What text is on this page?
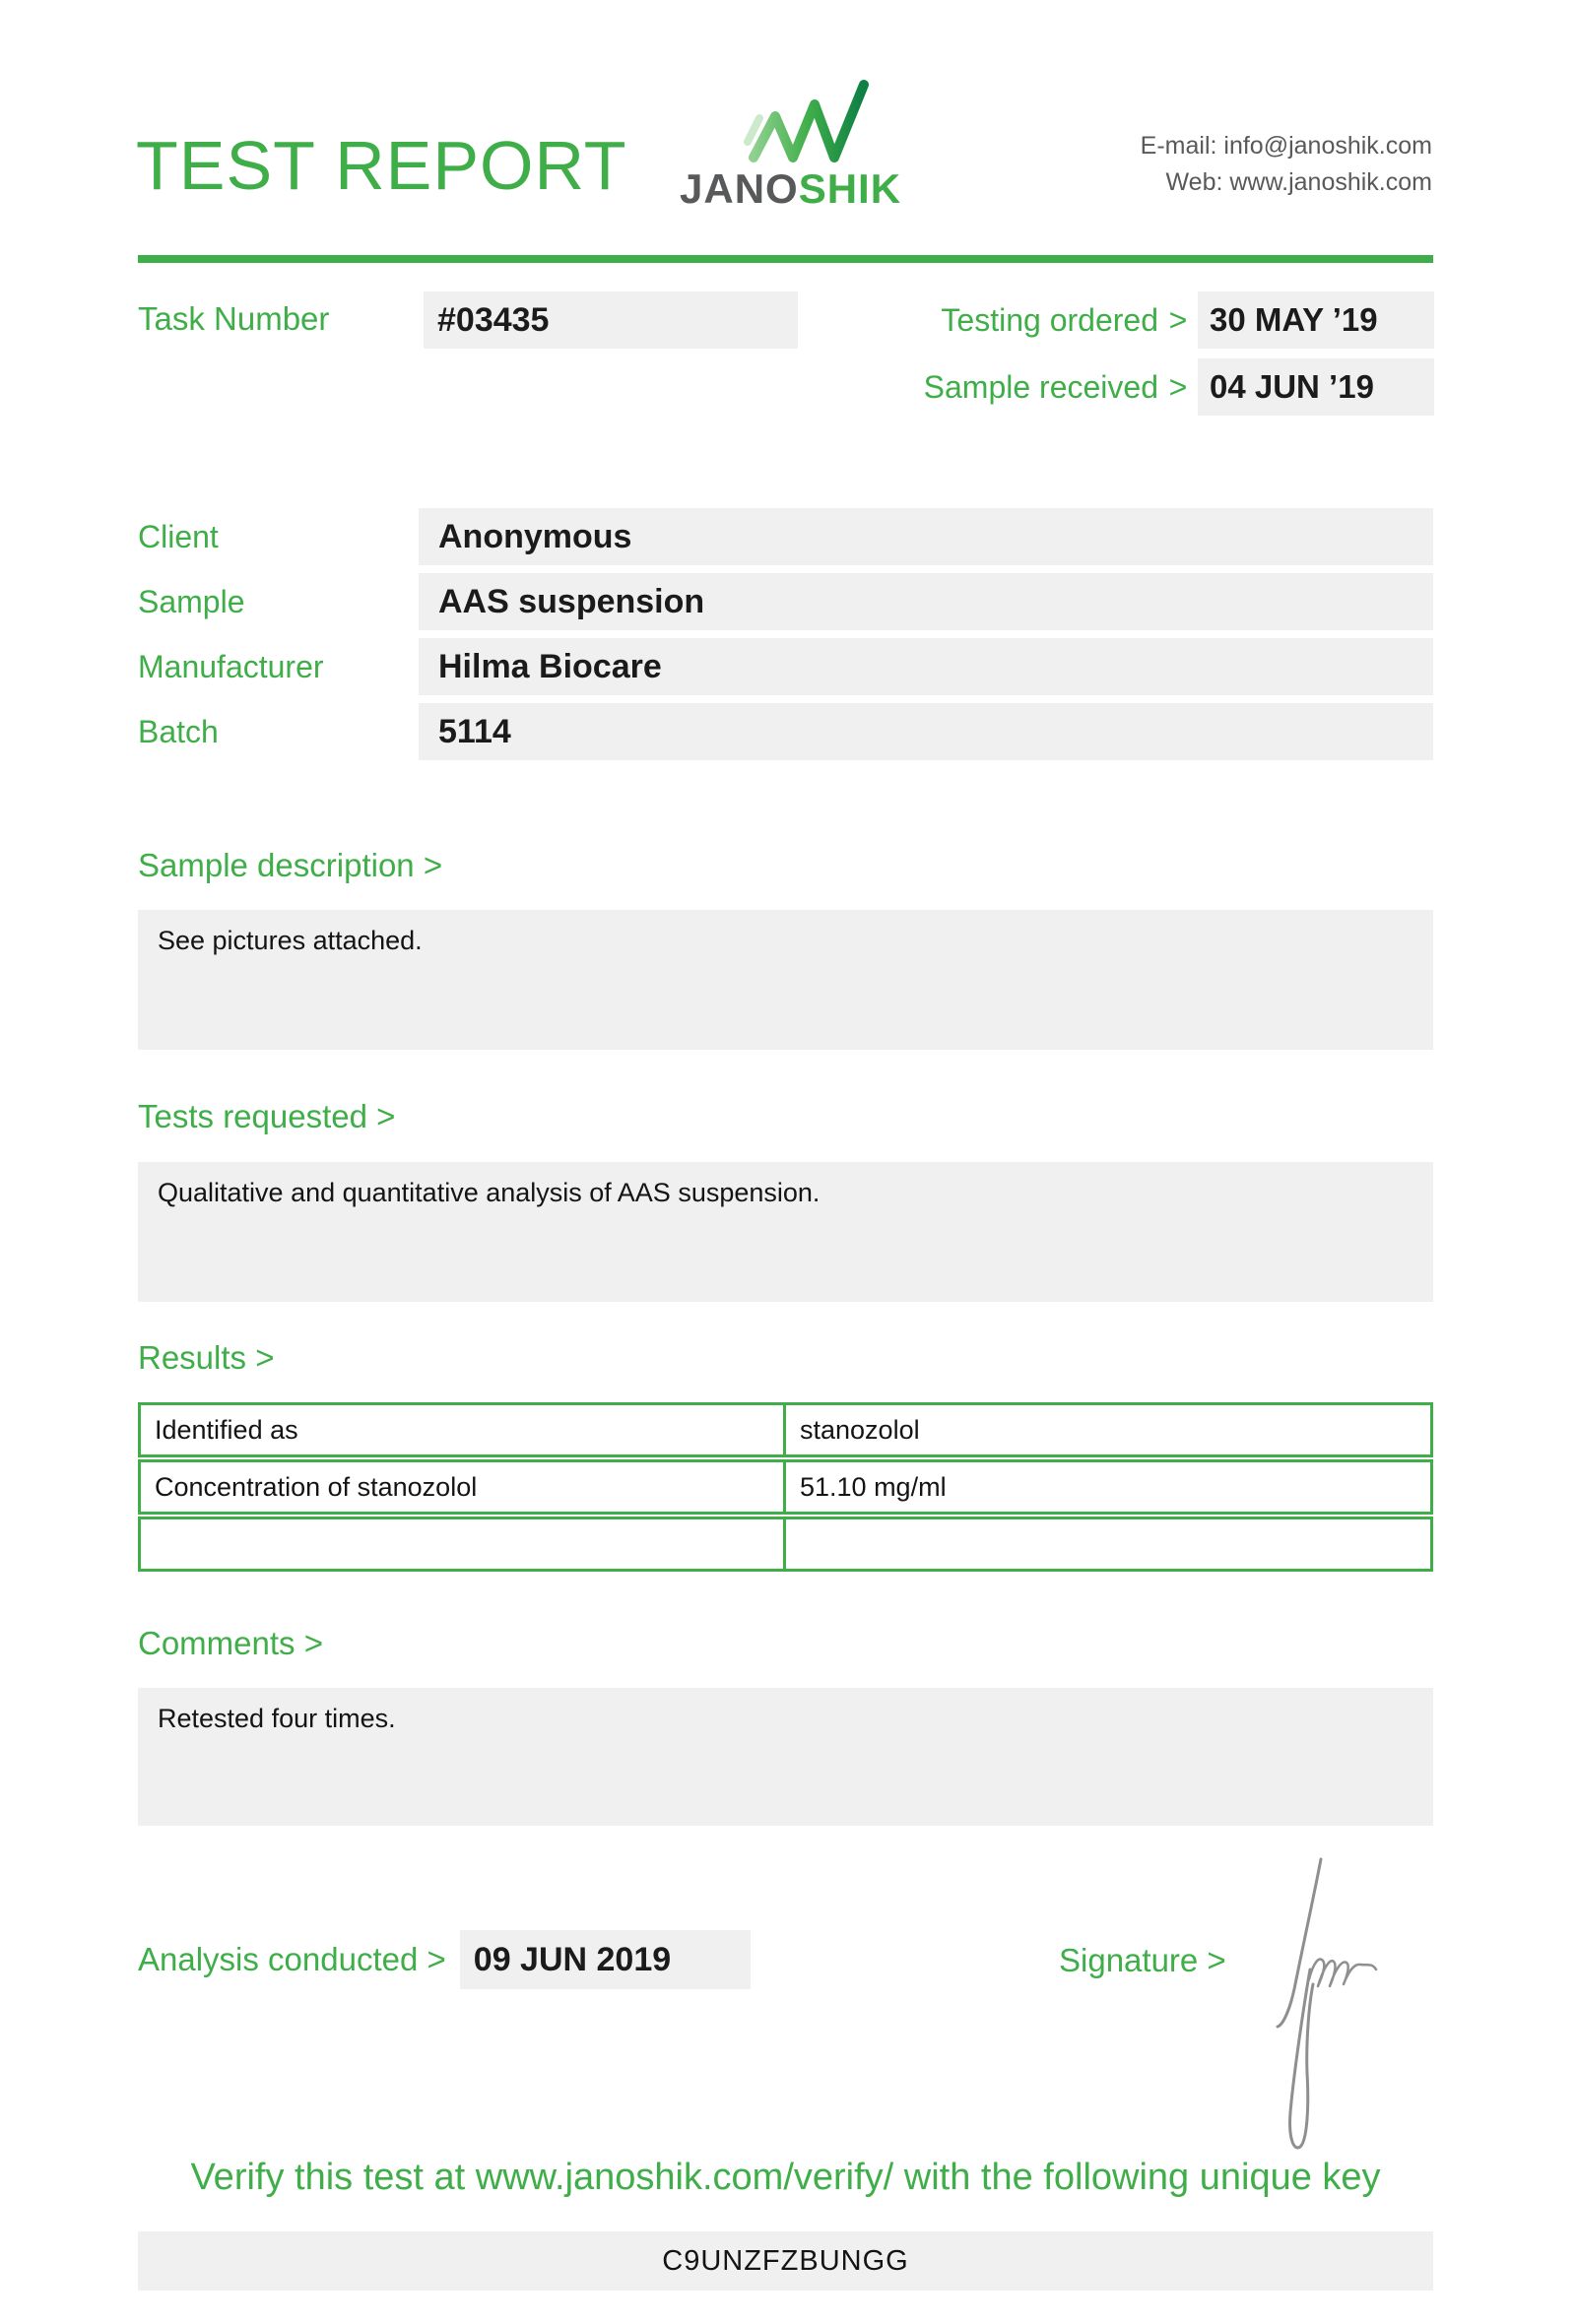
TEST REPORT JANOSHIK
E-mail: info@janoshik.com
Web: www.janoshik.com
Task Number	#03435	Testing ordered > 30 MAY ’19
Sample received > 04 JUN ’19
Client	Anonymous
Sample	AAS suspension
Manufacturer	Hilma Biocare
Batch	5114
Sample description >
See pictures attached.
Tests requested >
Qualitative and quantitative analysis of AAS suspension.
Results >
Identified as	stanozolol
Concentration of stanozolol	51.10 mg/ml
Comments >
Retested four times.
Analysis conducted > 09 JUN 2019	Signature >
Verify this test at www.janoshik.com/verify/ with the following unique key
C9UNZFZBUNGG
